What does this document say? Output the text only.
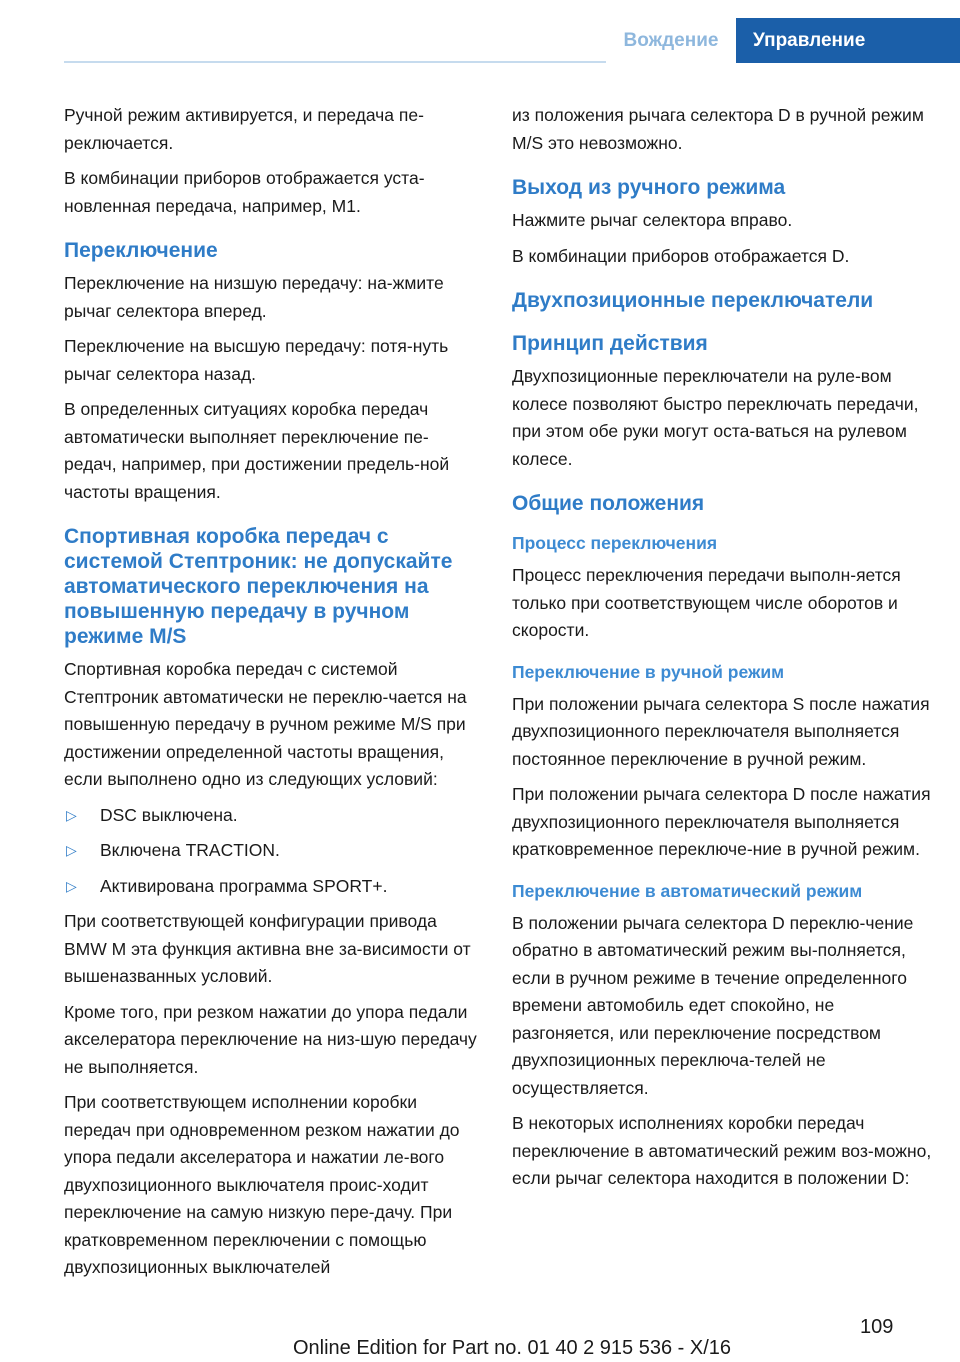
Вождение	Управление

Ручной режим активируется, и передача пе-реключается.

В комбинации приборов отображается уста-новленная передача, например, M1.

Переключение

Переключение на низшую передачу: на-жмите рычаг селектора вперед.

Переключение на высшую передачу: потя-нуть рычаг селектора назад.

В определенных ситуациях коробка передач автоматически выполняет переключение пе-редач, например, при достижении предель-ной частоты вращения.

Спортивная коробка передач с системой Стептроник: не допускайте автоматического переключения на повышенную передачу в ручном режиме M/S

Спортивная коробка передач с системой Стептроник автоматически не переклю-чается на повышенную передачу в ручном режиме M/S при достижении определенной частоты вращения, если выполнено одно из следующих условий:

▷ DSC выключена.
▷ Включена TRACTION.
▷ Активирована программа SPORT+.

При соответствующей конфигурации привода BMW M эта функция активна вне за-висимости от вышеназванных условий.

Кроме того, при резком нажатии до упора педали акселератора переключение на низ-шую передачу не выполняется.

При соответствующем исполнении коробки передач при одновременном резком нажатии до упора педали акселератора и нажатии ле-вого двухпозиционного выключателя проис-ходит переключение на самую низкую пере-дачу. При кратковременном переключении с помощью двухпозиционных выключателей

из положения рычага селектора D в ручной режим M/S это невозможно.

Выход из ручного режима

Нажмите рычаг селектора вправо.

В комбинации приборов отображается D.

Двухпозиционные переключатели
Принцип действия

Двухпозиционные переключатели на руле-вом колесе позволяют быстро переключать передачи, при этом обе руки могут оста-ваться на рулевом колесе.

Общие положения
Процесс переключения

Процесс переключения передачи выполн-яется только при соответствующем числе оборотов и скорости.

Переключение в ручной режим

При положении рычага селектора S после нажатия двухпозиционного переключателя выполняется постоянное переключение в ручной режим.

При положении рычага селектора D после нажатия двухпозиционного переключателя выполняется кратковременное переключе-ние в ручной режим.

Переключение в автоматический режим

В положении рычага селектора D переклю-чение обратно в автоматический режим вы-полняется, если в ручном режиме в течение определенного времени автомобиль едет спокойно, не разгоняется, или переключение посредством двухпозиционных переключа-телей не осуществляется.

В некоторых исполнениях коробки передач переключение в автоматический режим воз-можно, если рычаг селектора находится в положении D:

109
Online Edition for Part no. 01 40 2 915 536 - X/16
